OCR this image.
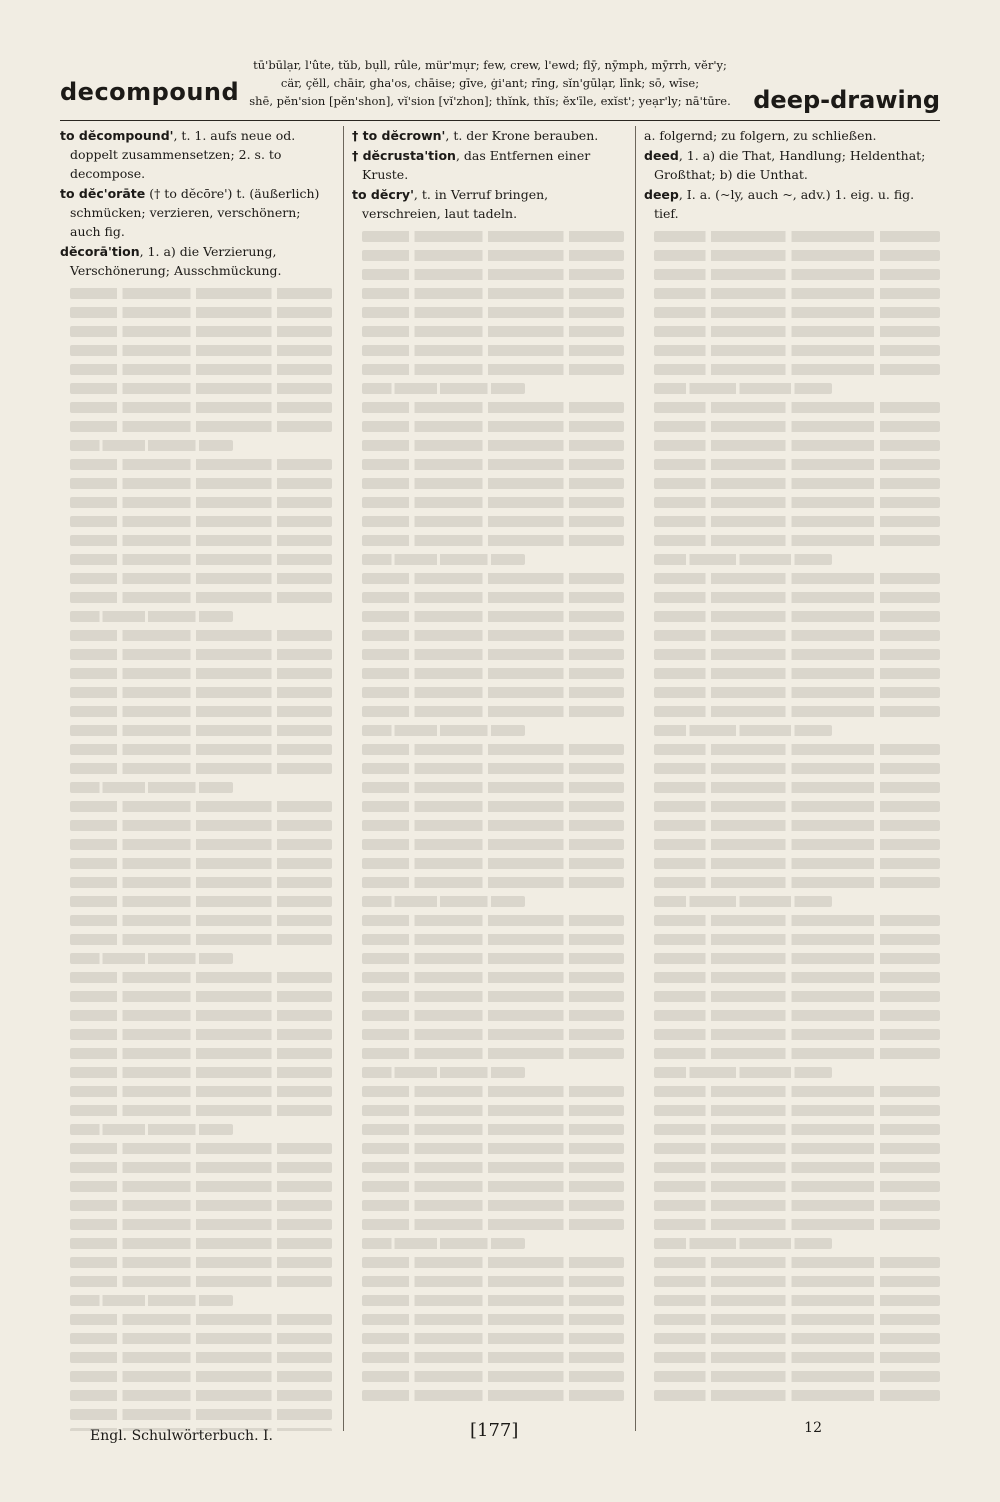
decompound
tū'būlạr, l'ûte, tŭb, bụll, rûle, mür'mụr; few, crew, l'ewd; flȳ, nȳmph, mȳrrh, vĕr'y;
cär, çĕll, chāir, gha'os, chāise; gīve, ġi'ant; rīng, sĭn'gūlạr, līnk; sō, wīse;
shē, pĕn'sion [pĕn'shon], vĭ'sion [vĭ'zhon]; thĭnk, thĭs; ĕx'īle, exĭst'; yeạr'ly; nā'tūre. deep-drawing

to dĕcompound', t. 1. aufs neue od. doppelt zusammensetzen; 2. s. to decompose.

to dĕc'orāte († to dĕcōre') t. (äußerlich) schmücken; verzieren, verschönern; auch fig.

dĕcorā'tion, 1. a) die Verzierung, Verschönerung; Ausschmückung.

† to dĕcrown', t. der Krone berauben.

† dĕcrusta'tion, das Entfernen einer Kruste.

to dĕcry', t. in Verruf bringen, verschreien, laut tadeln.

a. folgernd; zu folgern, zu schließen.

deed, 1. a) die That, Handlung; Heldenthat; Großthat; b) die Unthat.

deep, I. a. (~ly, auch ~, adv.) 1. eig. u. fig. tief.

Engl. Schulwörterbuch. I.	[177]	12
